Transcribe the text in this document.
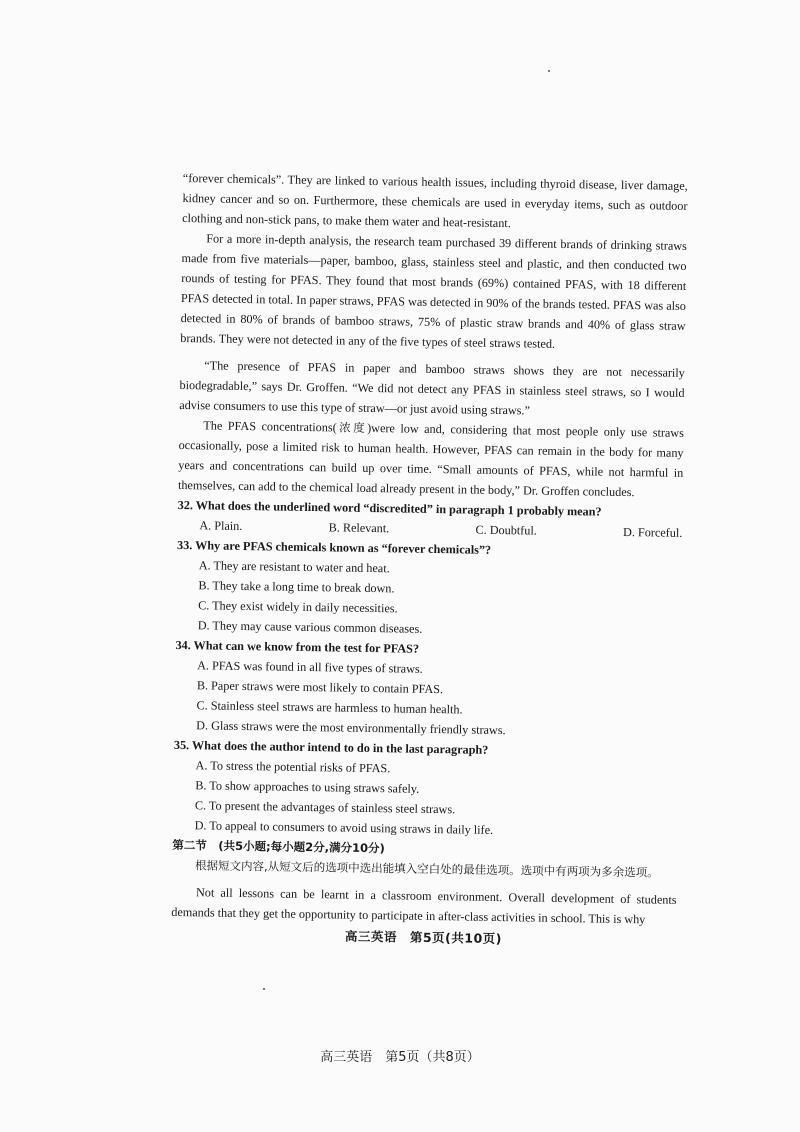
“forever chemicals”. They are linked to various health issues, including thyroid disease, liver damage, kidney cancer and so on. Furthermore, these chemicals are used in everyday items, such as outdoor clothing and non-stick pans, to make them water and heat-resistant.

For a more in-depth analysis, the research team purchased 39 different brands of drinking straws made from five materials—paper, bamboo, glass, stainless steel and plastic, and then conducted two rounds of testing for PFAS. They found that most brands (69%) contained PFAS, with 18 different PFAS detected in total. In paper straws, PFAS was detected in 90% of the brands tested. PFAS was also detected in 80% of brands of bamboo straws, 75% of plastic straw brands and 40% of glass straw brands. They were not detected in any of the five types of steel straws tested.

“The presence of PFAS in paper and bamboo straws shows they are not necessarily biodegradable,” says Dr. Groffen. “We did not detect any PFAS in stainless steel straws, so I would advise consumers to use this type of straw—or just avoid using straws.”

The PFAS concentrations(浓度)were low and, considering that most people only use straws occasionally, pose a limited risk to human health. However, PFAS can remain in the body for many years and concentrations can build up over time. “Small amounts of PFAS, while not harmful in themselves, can add to the chemical load already present in the body,” Dr. Groffen concludes.

32. What does the underlined word “discredited” in paragraph 1 probably mean?

A. Plain.	B. Relevant.	C. Doubtful.	D. Forceful.

33. Why are PFAS chemicals known as “forever chemicals”?

A. They are resistant to water and heat.

B. They take a long time to break down.

C. They exist widely in daily necessities.

D. They may cause various common diseases.

34. What can we know from the test for PFAS?

A. PFAS was found in all five types of straws.

B. Paper straws were most likely to contain PFAS.

C. Stainless steel straws are harmless to human health.

D. Glass straws were the most environmentally friendly straws.

35. What does the author intend to do in the last paragraph?

A. To stress the potential risks of PFAS.

B. To show approaches to using straws safely.

C. To present the advantages of stainless steel straws.

D. To appeal to consumers to avoid using straws in daily life.

第二节　(共5小题;每小题2分,满分10分)

根据短文内容,从短文后的选项中选出能填入空白处的最佳选项。选项中有两项为多余选项。

Not all lessons can be learnt in a classroom environment. Overall development of students demands that they get the opportunity to participate in after-class activities in school. This is why

高三英语　第5页(共10页)
高三英语　第5页（共8页）
